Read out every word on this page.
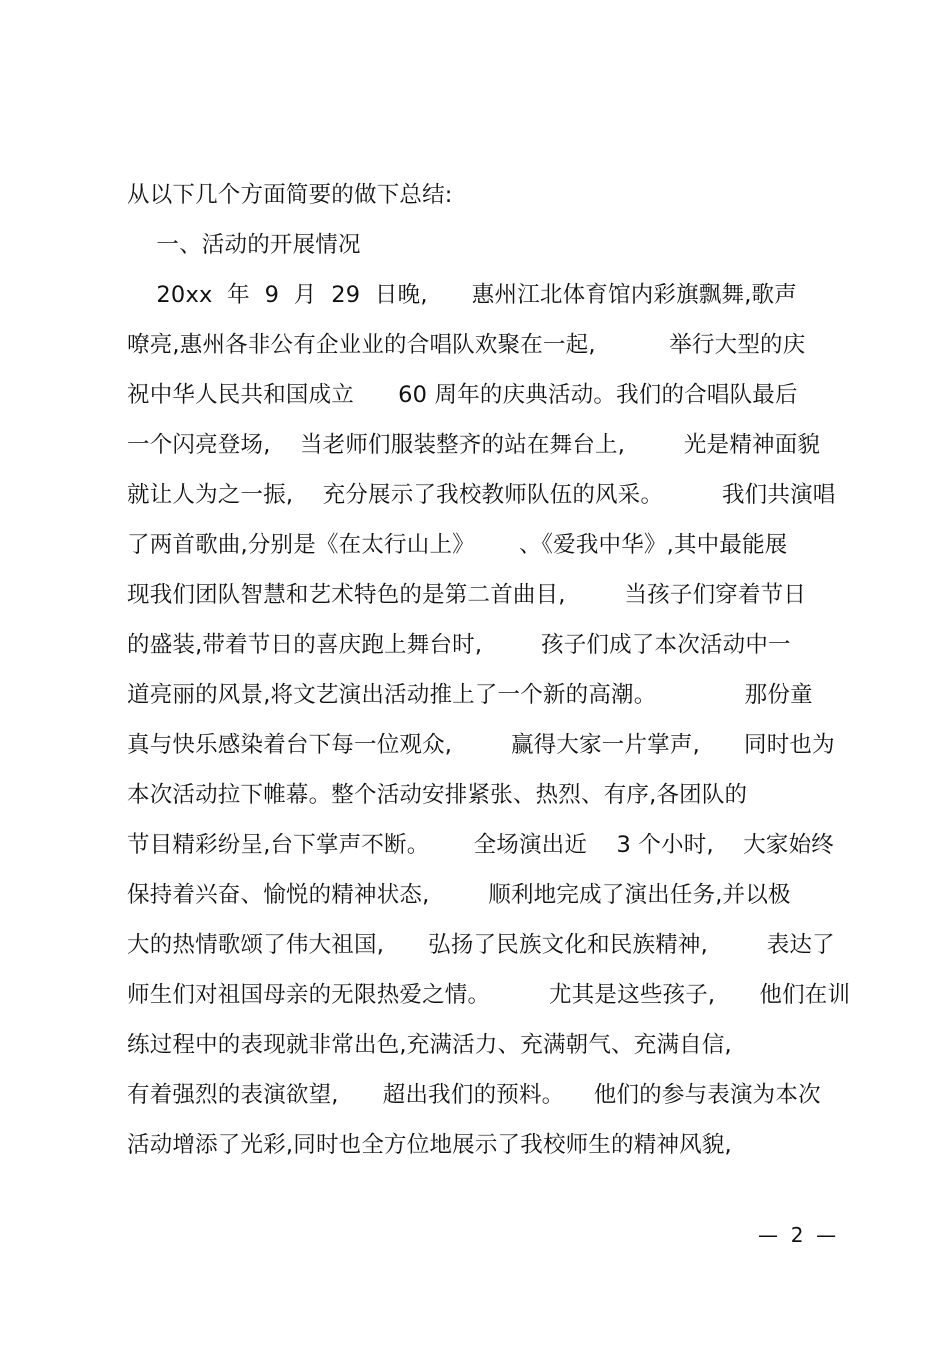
从以下几个方面简要的做下总结:
一、活动的开展情况
20xx  年  9  月  29  日晚,      惠州江北体育馆内彩旗飘舞,歌声
嘹亮,惠州各非公有企业业的合唱队欢聚在一起,          举行大型的庆
祝中华人民共和国成立      60 周年的庆典活动。我们的合唱队最后
一个闪亮登场,    当老师们服装整齐的站在舞台上,        光是精神面貌
就让人为之一振,    充分展示了我校教师队伍的风采。        我们共演唱
了两首歌曲,分别是《在太行山上》      、《爱我中华》,其中最能展
现我们团队智慧和艺术特色的是第二首曲目,        当孩子们穿着节日
的盛装,带着节日的喜庆跑上舞台时,        孩子们成了本次活动中一
道亮丽的风景,将文艺演出活动推上了一个新的高潮。            那份童
真与快乐感染着台下每一位观众,        赢得大家一片掌声,      同时也为
本次活动拉下帷幕。整个活动安排紧张、热烈、有序,各团队的
节目精彩纷呈,台下掌声不断。      全场演出近    3 个小时,    大家始终
保持着兴奋、愉悦的精神状态,        顺利地完成了演出任务,并以极
大的热情歌颂了伟大祖国,      弘扬了民族文化和民族精神,        表达了
师生们对祖国母亲的无限热爱之情。        尤其是这些孩子,      他们在训
练过程中的表现就非常出色,充满活力、充满朝气、充满自信,
有着强烈的表演欲望,      超出我们的预料。    他们的参与表演为本次
活动增添了光彩,同时也全方位地展示了我校师生的精神风貌,
—  2  —
